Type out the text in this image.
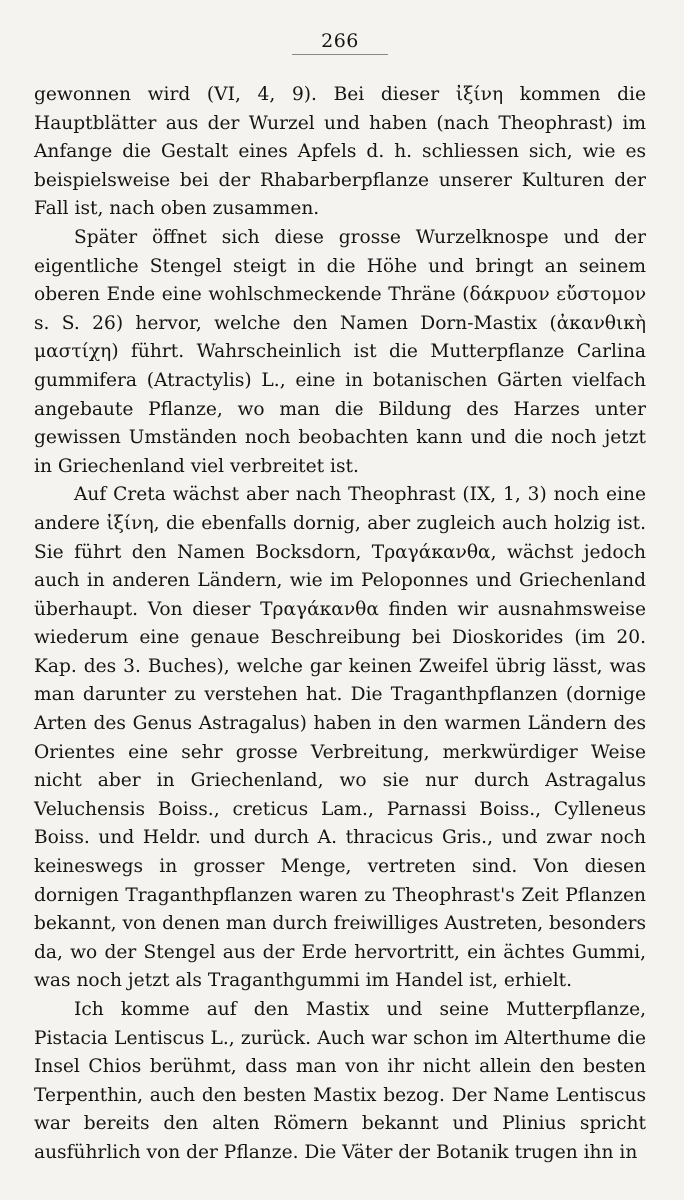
266

gewonnen wird (VI, 4, 9). Bei dieser ἰξίνη kommen die Hauptblätter aus der Wurzel und haben (nach Theophrast) im Anfange die Gestalt eines Apfels d. h. schliessen sich, wie es beispielsweise bei der Rhabarberpflanze unserer Kulturen der Fall ist, nach oben zusammen.

Später öffnet sich diese grosse Wurzelknospe und der eigentliche Stengel steigt in die Höhe und bringt an seinem oberen Ende eine wohlschmeckende Thräne (δάκρυον εὔστομον s. S. 26) hervor, welche den Namen Dorn-Mastix (ἀκανθικὴ μαστίχη) führt. Wahrscheinlich ist die Mutterpflanze Carlina gummifera (Atractylis) L., eine in botanischen Gärten vielfach angebaute Pflanze, wo man die Bildung des Harzes unter gewissen Umständen noch beobachten kann und die noch jetzt in Griechenland viel verbreitet ist.

Auf Creta wächst aber nach Theophrast (IX, 1, 3) noch eine andere ἰξίνη, die ebenfalls dornig, aber zugleich auch holzig ist. Sie führt den Namen Bocksdorn, Τραγάκανθα, wächst jedoch auch in anderen Ländern, wie im Peloponnes und Griechenland überhaupt. Von dieser Τραγάκανθα finden wir ausnahmsweise wiederum eine genaue Beschreibung bei Dioskorides (im 20. Kap. des 3. Buches), welche gar keinen Zweifel übrig lässt, was man darunter zu verstehen hat. Die Traganthpflanzen (dornige Arten des Genus Astragalus) haben in den warmen Ländern des Orientes eine sehr grosse Verbreitung, merkwürdiger Weise nicht aber in Griechenland, wo sie nur durch Astragalus Veluchensis Boiss., creticus Lam., Parnassi Boiss., Cylleneus Boiss. und Heldr. und durch A. thracicus Gris., und zwar noch keineswegs in grosser Menge, vertreten sind. Von diesen dornigen Traganthpflanzen waren zu Theophrast's Zeit Pflanzen bekannt, von denen man durch freiwilliges Austreten, besonders da, wo der Stengel aus der Erde hervortritt, ein ächtes Gummi, was noch jetzt als Traganthgummi im Handel ist, erhielt.

Ich komme auf den Mastix und seine Mutterpflanze, Pistacia Lentiscus L., zurück. Auch war schon im Alterthume die Insel Chios berühmt, dass man von ihr nicht allein den besten Terpenthin, auch den besten Mastix bezog. Der Name Lentiscus war bereits den alten Römern bekannt und Plinius spricht ausführlich von der Pflanze. Die Väter der Botanik trugen ihn in
